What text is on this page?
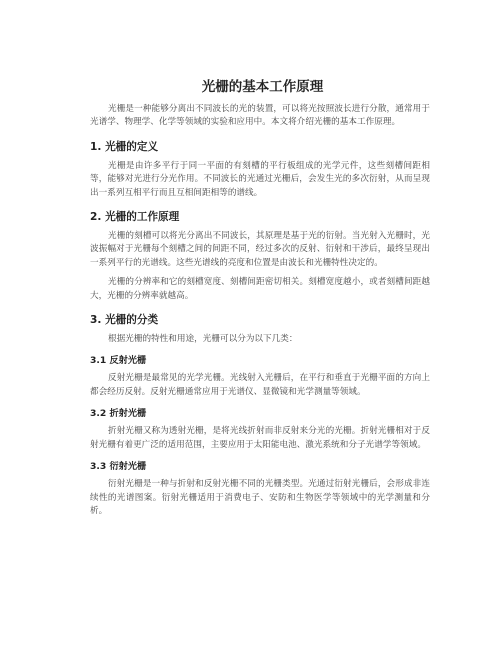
光栅的基本工作原理

光栅是一种能够分离出不同波长的光的装置，可以将光按照波长进行分散，通常用于光谱学、物理学、化学等领域的实验和应用中。本文将介绍光栅的基本工作原理。

1. 光栅的定义

光栅是由许多平行于同一平面的有刻槽的平行板组成的光学元件，这些刻槽间距相等，能够对光进行分光作用。不同波长的光通过光栅后，会发生光的多次衍射，从而呈现出一系列互相平行而且互相间距相等的谱线。

2. 光栅的工作原理

光栅的刻槽可以将光分离出不同波长，其原理是基于光的衍射。当光射入光栅时，光波振幅对于光栅每个刻槽之间的间距不同，经过多次的反射、衍射和干涉后，最终呈现出一系列平行的光谱线。这些光谱线的亮度和位置是由波长和光栅特性决定的。

光栅的分辨率和它的刻槽宽度、刻槽间距密切相关。刻槽宽度越小，或者刻槽间距越大，光栅的分辨率就越高。

3. 光栅的分类

根据光栅的特性和用途，光栅可以分为以下几类：

3.1 反射光栅

反射光栅是最常见的光学光栅。光线射入光栅后，在平行和垂直于光栅平面的方向上都会经历反射。反射光栅通常应用于光谱仪、显微镜和光学测量等领域。

3.2 折射光栅

折射光栅又称为透射光栅，是将光线折射而非反射来分光的光栅。折射光栅相对于反射光栅有着更广泛的适用范围，主要应用于太阳能电池、激光系统和分子光谱学等领域。

3.3 衍射光栅

衍射光栅是一种与折射和反射光栅不同的光栅类型。光通过衍射光栅后，会形成非连续性的光谱图案。衍射光栅适用于消费电子、安防和生物医学等领域中的光学测量和分析。
